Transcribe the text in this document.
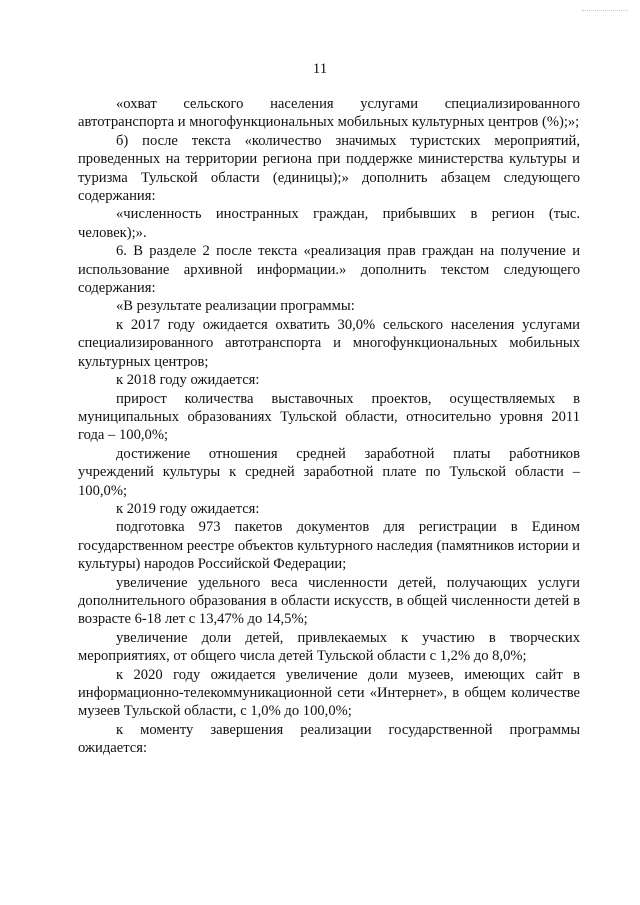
11

«охват сельского населения услугами специализированного автотранспорта и многофункциональных мобильных культурных центров (%);»;

б) после текста «количество значимых туристских мероприятий, проведенных на территории региона при поддержке министерства культуры и туризма Тульской области (единицы);» дополнить абзацем следующего содержания:

«численность иностранных граждан, прибывших в регион (тыс. человек);».

6. В разделе 2 после текста «реализация прав граждан на получение и использование архивной информации.» дополнить текстом следующего содержания:

«В результате реализации программы:

к 2017 году ожидается охватить 30,0% сельского населения услугами специализированного автотранспорта и многофункциональных мобильных культурных центров;

к 2018 году ожидается:

прирост количества выставочных проектов, осуществляемых в муниципальных образованиях Тульской области, относительно уровня 2011 года – 100,0%;

достижение отношения средней заработной платы работников учреждений культуры к средней заработной плате по Тульской области – 100,0%;

к 2019 году ожидается:

подготовка 973 пакетов документов для регистрации в Едином государственном реестре объектов культурного наследия (памятников истории и культуры) народов Российской Федерации;

увеличение удельного веса численности детей, получающих услуги дополнительного образования в области искусств, в общей численности детей в возрасте 6-18 лет с 13,47% до 14,5%;

увеличение доли детей, привлекаемых к участию в творческих мероприятиях, от общего числа детей Тульской области с 1,2% до 8,0%;

к 2020 году ожидается увеличение доли музеев, имеющих сайт в информационно-телекоммуникационной сети «Интернет», в общем количестве музеев Тульской области, с 1,0% до 100,0%;

к моменту завершения реализации государственной программы ожидается:
